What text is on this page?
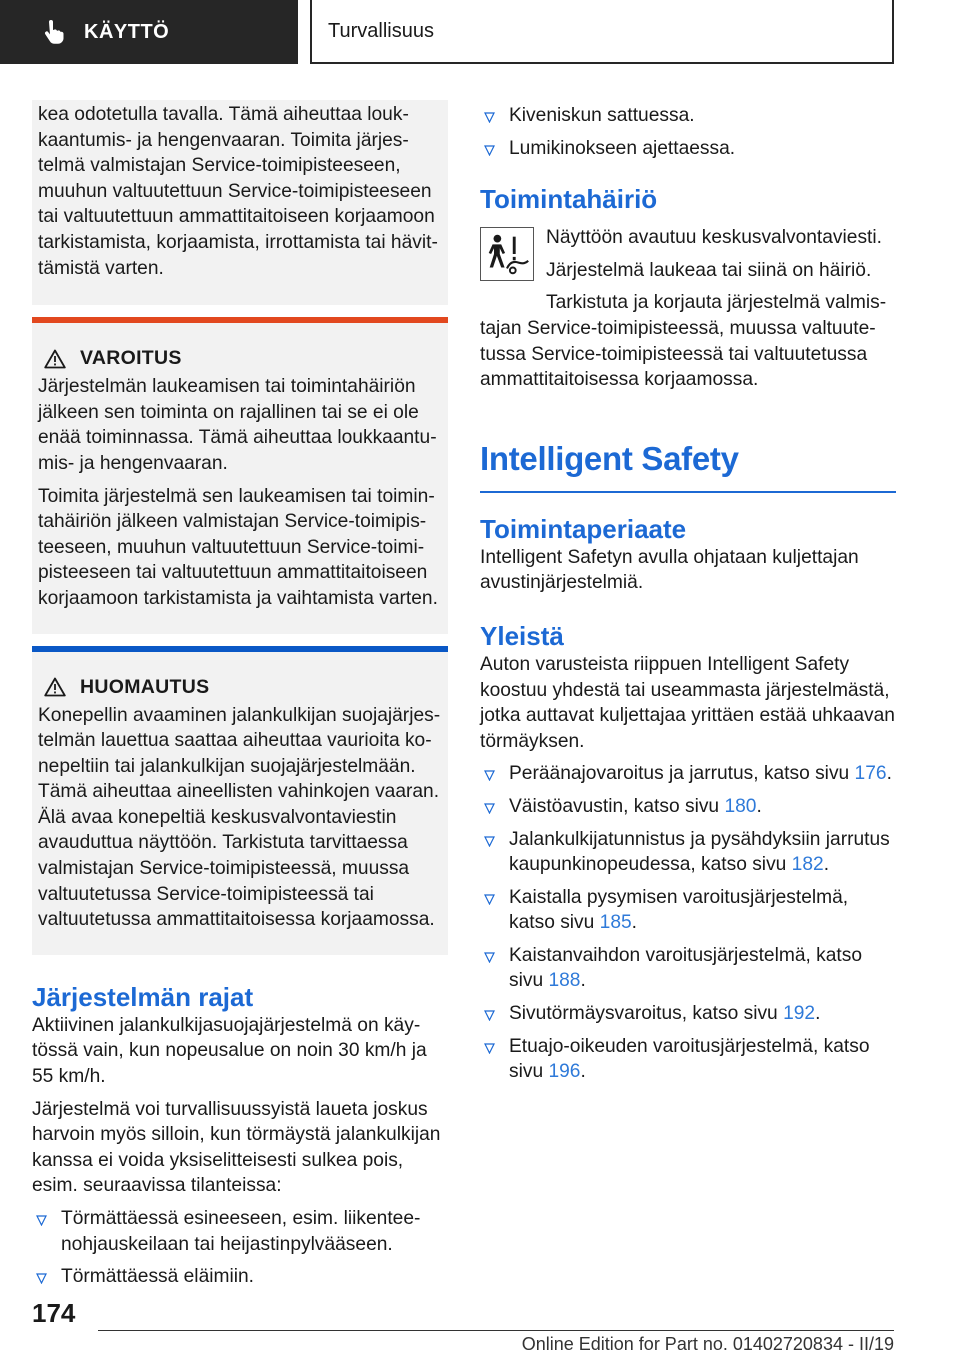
KÄYTTÖ	Turvallisuus

kea odotetulla tavalla. Tämä aiheuttaa loukkaantumis- ja hengenvaaran. Toimita järjestelmä valmistajan Service-toimipisteeseen, muuhun valtuutettuun Service-toimipisteeseen tai valtuutettuun ammattitaitoiseen korjaamoon tarkistamista, korjaamista, irrottamista tai hävittämistä varten.

VAROITUS

Järjestelmän laukeamisen tai toimintahäiriön jälkeen sen toiminta on rajallinen tai se ei ole enää toiminnassa. Tämä aiheuttaa loukkaantumis- ja hengenvaaran.

Toimita järjestelmä sen laukeamisen tai toimintahäiriön jälkeen valmistajan Service-toimipisteeseen, muuhun valtuutettuun Service-toimipisteeseen tai valtuutettuun ammattitaitoiseen korjaamoon tarkistamista ja vaihtamista varten.

HUOMAUTUS

Konepellin avaaminen jalankulkijan suojajärjestelmän lauettua saattaa aiheuttaa vaurioita konepeltiin tai jalankulkijan suojajärjestelmään. Tämä aiheuttaa aineellisten vahinkojen vaaran. Älä avaa konepeltiä keskusvalvontaviestin avauduttua näyttöön. Tarkistuta tarvittaessa valmistajan Service-toimipisteessä, muussa valtuutetussa Service-toimipisteessä tai valtuutetussa ammattitaitoisessa korjaamossa.

Järjestelmän rajat

Aktiivinen jalankulkijasuojajärjestelmä on käytössä vain, kun nopeusalue on noin 30 km/h ja 55 km/h.

Järjestelmä voi turvallisuussyistä laueta joskus harvoin myös silloin, kun törmäystä jalankulkijan kanssa ei voida yksiselitteisesti sulkea pois, esim. seuraavissa tilanteissa:

Törmättäessä esineeseen, esim. liikenteenohjauskeilaan tai heijastinpylvääseen.
Törmättäessä eläimiin.
Kiveniskun sattuessa.
Lumikinokseen ajettaessa.
Toimintahäiriö

Näyttöön avautuu keskusvalvontaviesti.

Järjestelmä laukeaa tai siinä on häiriö.

Tarkistuta ja korjauta järjestelmä valmistajan Service-toimipisteessä, muussa valtuutetussa Service-toimipisteessä tai valtuutetussa ammattitaitoisessa korjaamossa.

Intelligent Safety
Toimintaperiaate

Intelligent Safetyn avulla ohjataan kuljettajan avustinjärjestelmiä.

Yleistä

Auton varusteista riippuen Intelligent Safety koostuu yhdestä tai useammasta järjestelmästä, jotka auttavat kuljettajaa yrittäen estää uhkaavan törmäyksen.

Peräänajovaroitus ja jarrutus, katso sivu 176.
Väistöavustin, katso sivu 180.
Jalankulkijatunnistus ja pysähdyksiin jarrutus kaupunkinopeudessa, katso sivu 182.
Kaistalla pysymisen varoitusjärjestelmä, katso sivu 185.
Kaistanvaihdon varoitusjärjestelmä, katso sivu 188.
Sivutörmäysvaroitus, katso sivu 192.
Etuajo-oikeuden varoitusjärjestelmä, katso sivu 196.
174
Online Edition for Part no. 01402720834 - II/19
